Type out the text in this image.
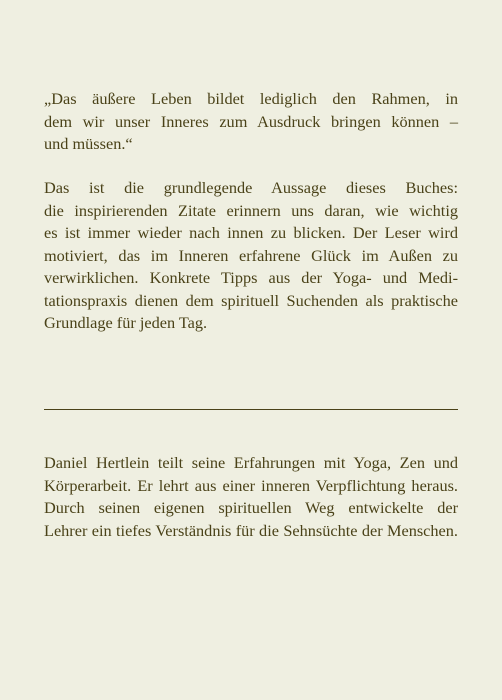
„Das äußere Leben bildet lediglich den Rahmen, in
dem wir unser Inneres zum Ausdruck bringen können –
und müssen.“

Das ist die grundlegende Aussage dieses Buches:
die inspirierenden Zitate erinnern uns daran, wie wichtig
es ist immer wieder nach innen zu blicken. Der Leser wird
motiviert, das im Inneren erfahrene Glück im Außen zu
verwirklichen. Konkrete Tipps aus der Yoga- und Medi-
tationspraxis dienen dem spirituell Suchenden als praktische
Grundlage für jeden Tag.

Daniel Hertlein teilt seine Erfahrungen mit Yoga, Zen und
Körperarbeit. Er lehrt aus einer inneren Verpflichtung heraus.
Durch seinen eigenen spirituellen Weg entwickelte der
Lehrer ein tiefes Verständnis für die Sehnsüchte der Menschen.
